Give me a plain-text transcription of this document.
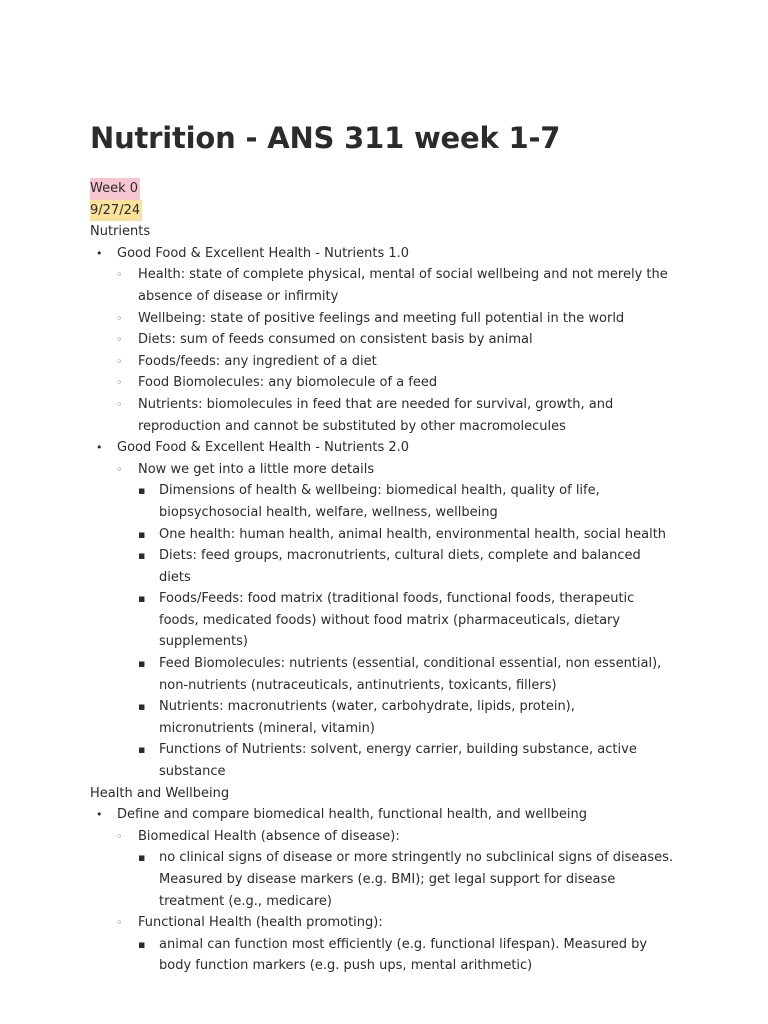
Nutrition - ANS 311 week 1-7
Week 0
9/27/24
Nutrients
• Good Food & Excellent Health - Nutrients 1.0
◦ Health: state of complete physical, mental of social wellbeing and not merely the absence of disease or infirmity
◦ Wellbeing: state of positive feelings and meeting full potential in the world
◦ Diets: sum of feeds consumed on consistent basis by animal
◦ Foods/feeds: any ingredient of a diet
◦ Food Biomolecules: any biomolecule of a feed
◦ Nutrients: biomolecules in feed that are needed for survival, growth, and reproduction and cannot be substituted by other macromolecules
• Good Food & Excellent Health - Nutrients 2.0
◦ Now we get into a little more details
▪ Dimensions of health & wellbeing: biomedical health, quality of life, biopsychosocial health, welfare, wellness, wellbeing
▪ One health: human health, animal health, environmental health, social health
▪ Diets: feed groups, macronutrients, cultural diets, complete and balanced diets
▪ Foods/Feeds: food matrix (traditional foods, functional foods, therapeutic foods, medicated foods) without food matrix (pharmaceuticals, dietary supplements)
▪ Feed Biomolecules: nutrients (essential, conditional essential, non essential), non-nutrients (nutraceuticals, antinutrients, toxicants, fillers)
▪ Nutrients: macronutrients (water, carbohydrate, lipids, protein), micronutrients (mineral, vitamin)
▪ Functions of Nutrients: solvent, energy carrier, building substance, active substance
Health and Wellbeing
• Define and compare biomedical health, functional health, and wellbeing
◦ Biomedical Health (absence of disease):
▪ no clinical signs of disease or more stringently no subclinical signs of diseases. Measured by disease markers (e.g. BMI); get legal support for disease treatment (e.g., medicare)
◦ Functional Health (health promoting):
▪ animal can function most efficiently (e.g. functional lifespan). Measured by body function markers (e.g. push ups, mental arithmetic)
